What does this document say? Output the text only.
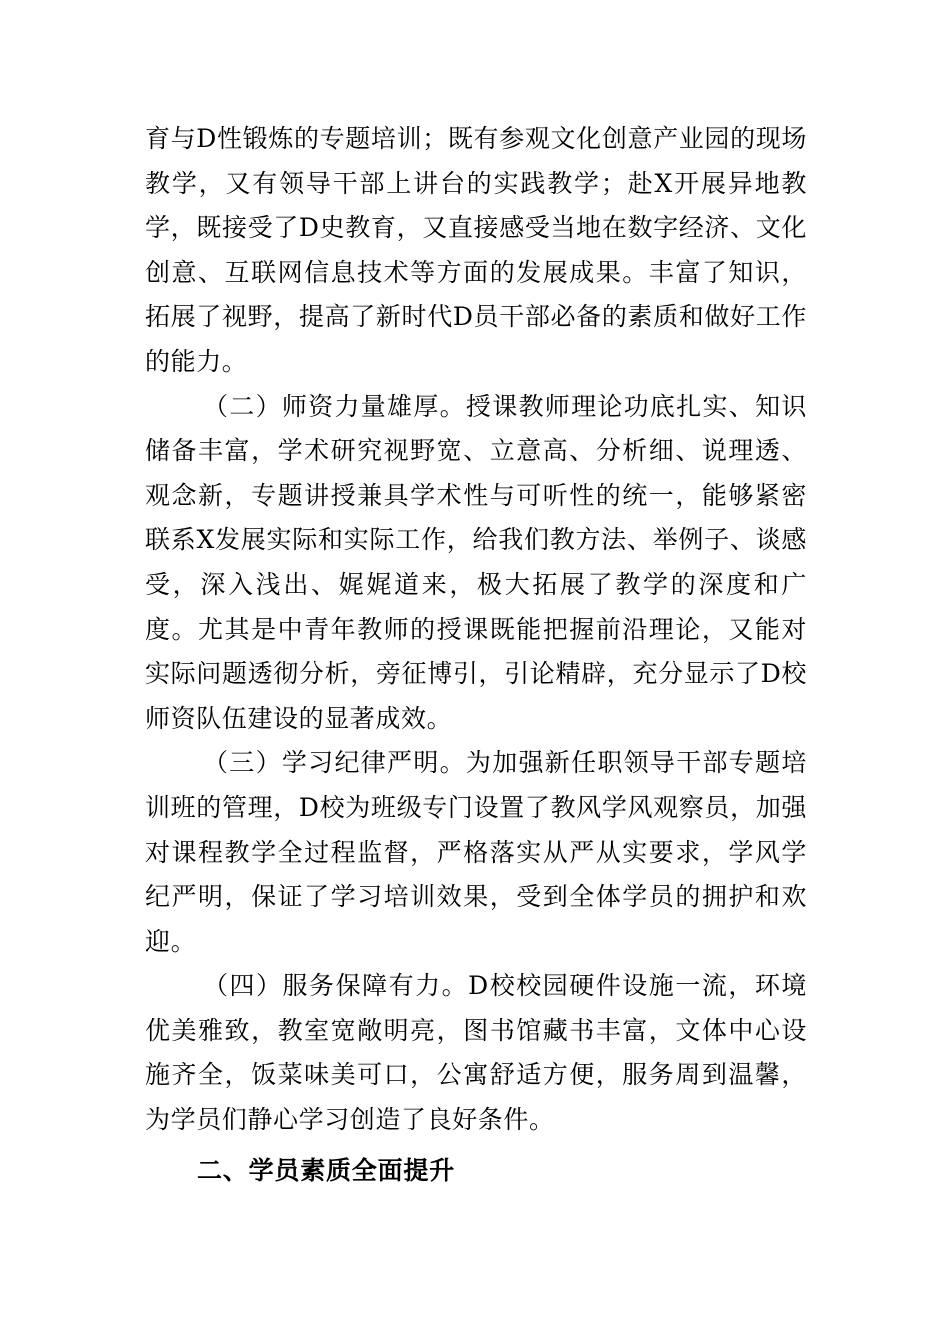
育与D性锻炼的专题培训；既有参观文化创意产业园的现场教学，又有领导干部上讲台的实践教学；赴X开展异地教学，既接受了D史教育，又直接感受当地在数字经济、文化创意、互联网信息技术等方面的发展成果。丰富了知识，拓展了视野，提高了新时代D员干部必备的素质和做好工作的能力。

（二）师资力量雄厚。授课教师理论功底扎实、知识储备丰富，学术研究视野宽、立意高、分析细、说理透、观念新，专题讲授兼具学术性与可听性的统一，能够紧密联系X发展实际和实际工作，给我们教方法、举例子、谈感受，深入浅出、娓娓道来，极大拓展了教学的深度和广度。尤其是中青年教师的授课既能把握前沿理论，又能对实际问题透彻分析，旁征博引，引论精辟，充分显示了D校师资队伍建设的显著成效。

（三）学习纪律严明。为加强新任职领导干部专题培训班的管理，D校为班级专门设置了教风学风观察员，加强对课程教学全过程监督，严格落实从严从实要求，学风学纪严明，保证了学习培训效果，受到全体学员的拥护和欢迎。

（四）服务保障有力。D校校园硬件设施一流，环境优美雅致，教室宽敞明亮，图书馆藏书丰富，文体中心设施齐全，饭菜味美可口，公寓舒适方便，服务周到温馨，为学员们静心学习创造了良好条件。

二、学员素质全面提升
